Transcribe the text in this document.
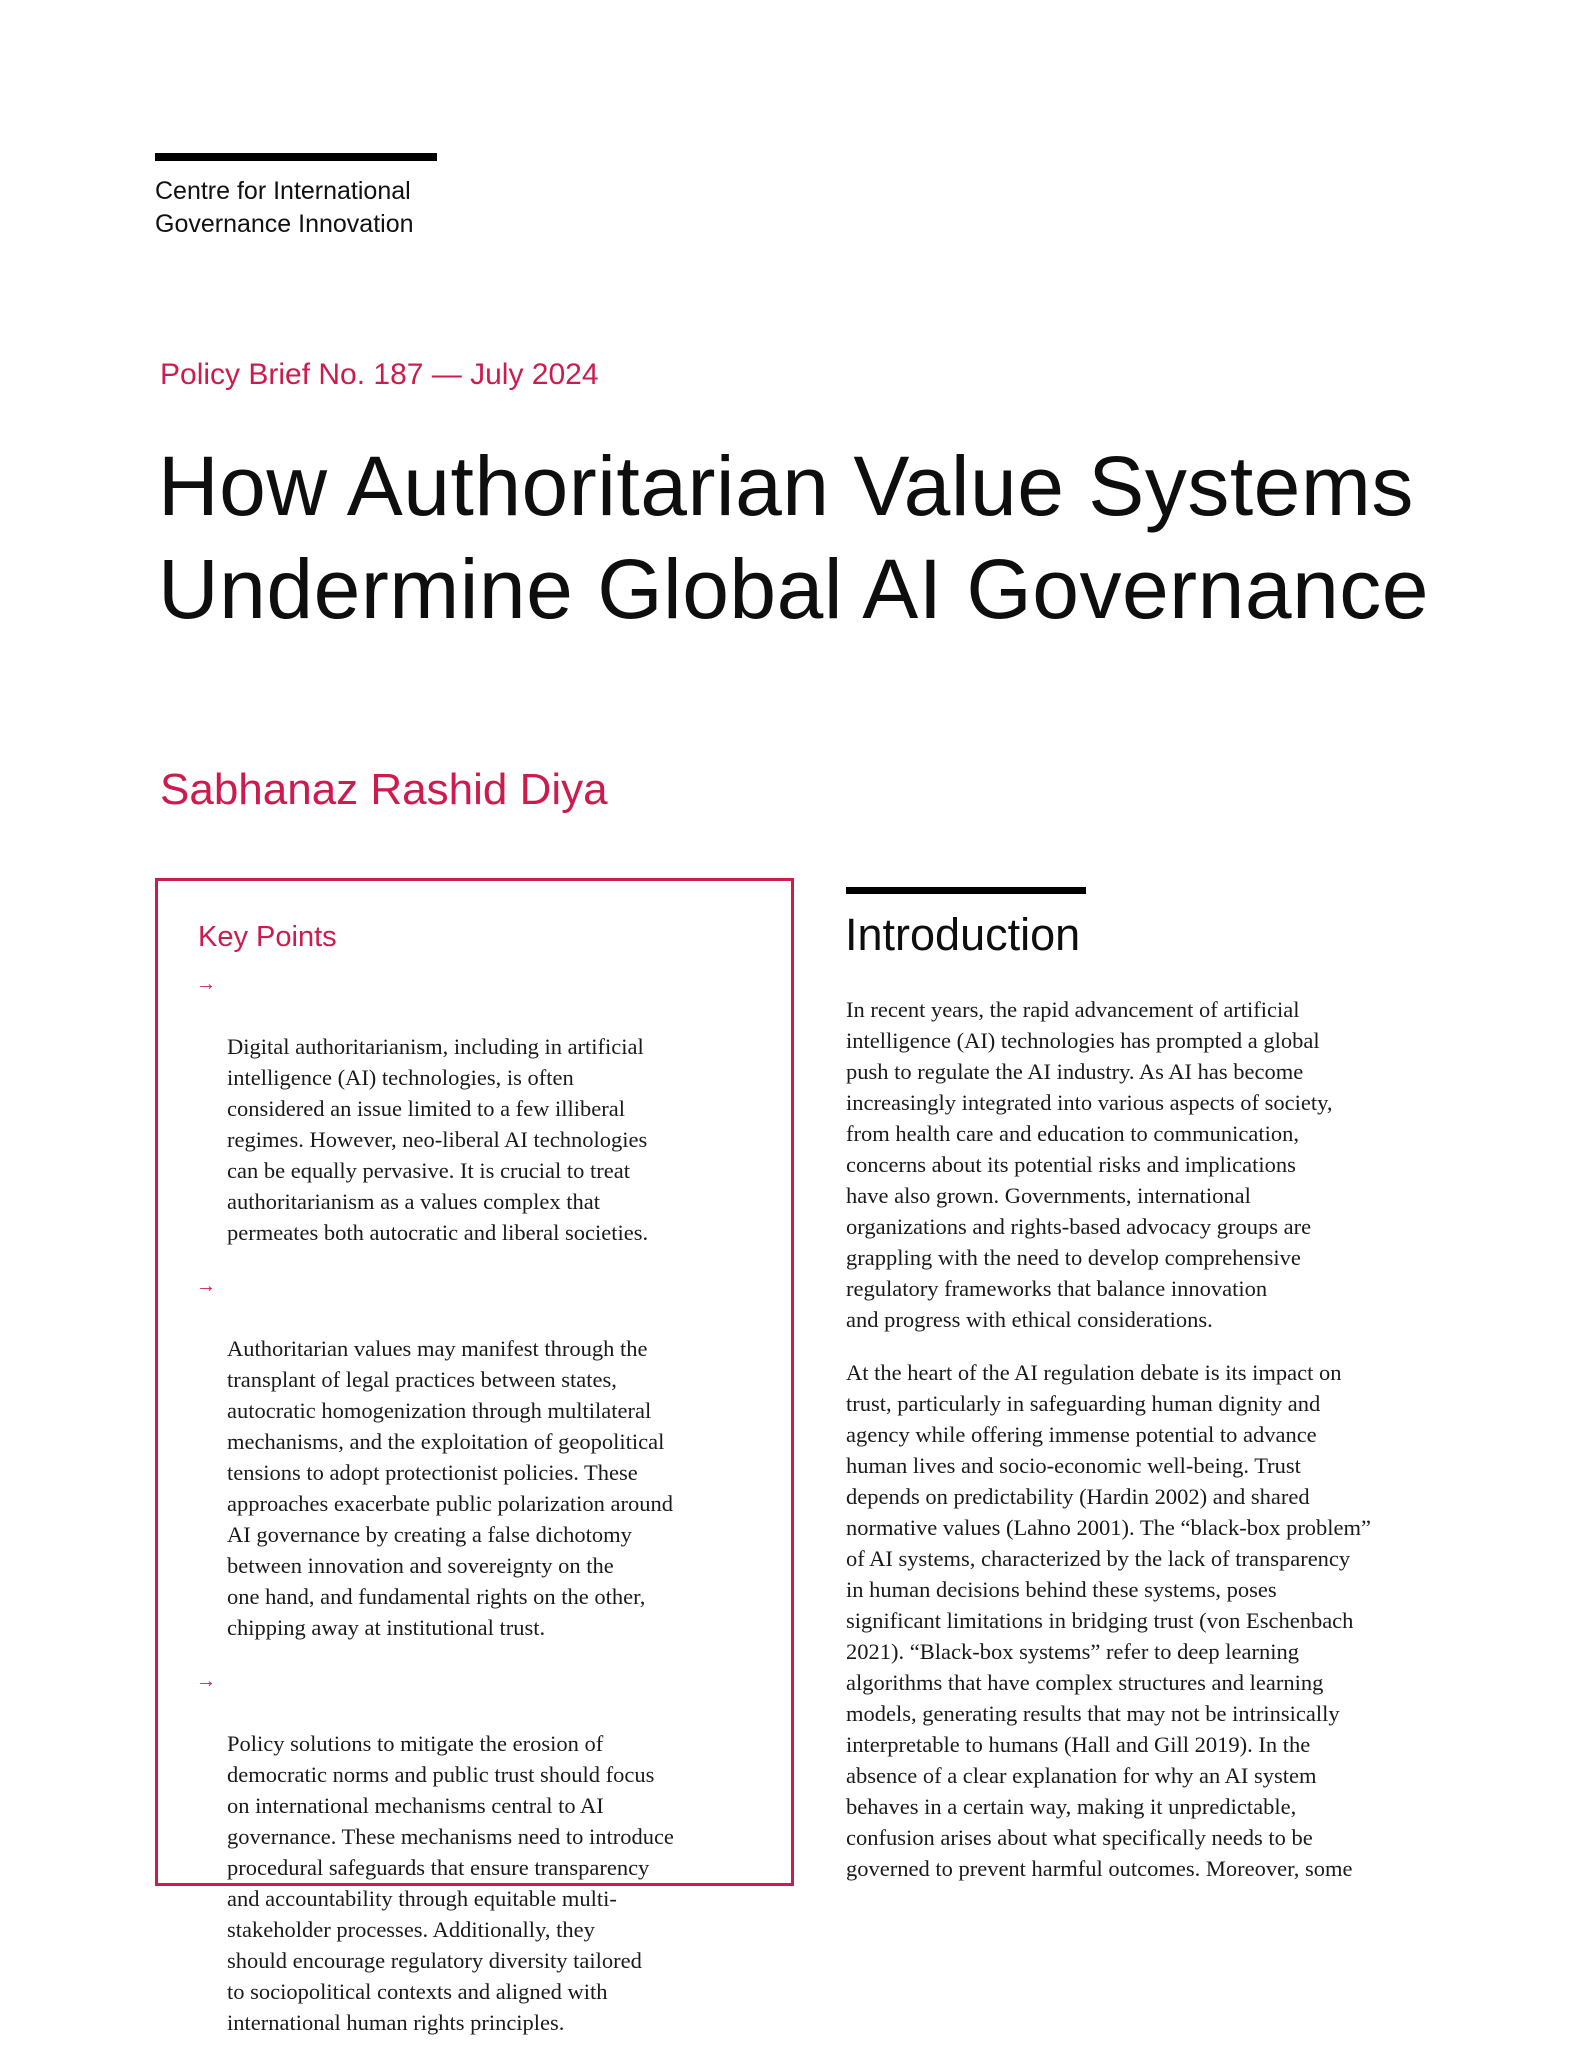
Centre for International
Governance Innovation
Policy Brief No. 187 — July 2024
How Authoritarian Value Systems Undermine Global AI Governance
Sabhanaz Rashid Diya
Key Points

→

Digital authoritarianism, including in artificial
intelligence (AI) technologies, is often
considered an issue limited to a few illiberal
regimes. However, neo-liberal AI technologies
can be equally pervasive. It is crucial to treat
authoritarianism as a values complex that
permeates both autocratic and liberal societies.

→

Authoritarian values may manifest through the
transplant of legal practices between states,
autocratic homogenization through multilateral
mechanisms, and the exploitation of geopolitical
tensions to adopt protectionist policies. These
approaches exacerbate public polarization around
AI governance by creating a false dichotomy
between innovation and sovereignty on the
one hand, and fundamental rights on the other,
chipping away at institutional trust.

→

Policy solutions to mitigate the erosion of
democratic norms and public trust should focus
on international mechanisms central to AI
governance. These mechanisms need to introduce
procedural safeguards that ensure transparency
and accountability through equitable multi-
stakeholder processes. Additionally, they
should encourage regulatory diversity tailored
to sociopolitical contexts and aligned with
international human rights principles.

Introduction

In recent years, the rapid advancement of artificial
intelligence (AI) technologies has prompted a global
push to regulate the AI industry. As AI has become
increasingly integrated into various aspects of society,
from health care and education to communication,
concerns about its potential risks and implications
have also grown. Governments, international
organizations and rights-based advocacy groups are
grappling with the need to develop comprehensive
regulatory frameworks that balance innovation
and progress with ethical considerations.

At the heart of the AI regulation debate is its impact on
trust, particularly in safeguarding human dignity and
agency while offering immense potential to advance
human lives and socio-economic well-being. Trust
depends on predictability (Hardin 2002) and shared
normative values (Lahno 2001). The “black-box problem”
of AI systems, characterized by the lack of transparency
in human decisions behind these systems, poses
significant limitations in bridging trust (von Eschenbach
2021). “Black-box systems” refer to deep learning
algorithms that have complex structures and learning
models, generating results that may not be intrinsically
interpretable to humans (Hall and Gill 2019). In the
absence of a clear explanation for why an AI system
behaves in a certain way, making it unpredictable,
confusion arises about what specifically needs to be
governed to prevent harmful outcomes. Moreover, some
